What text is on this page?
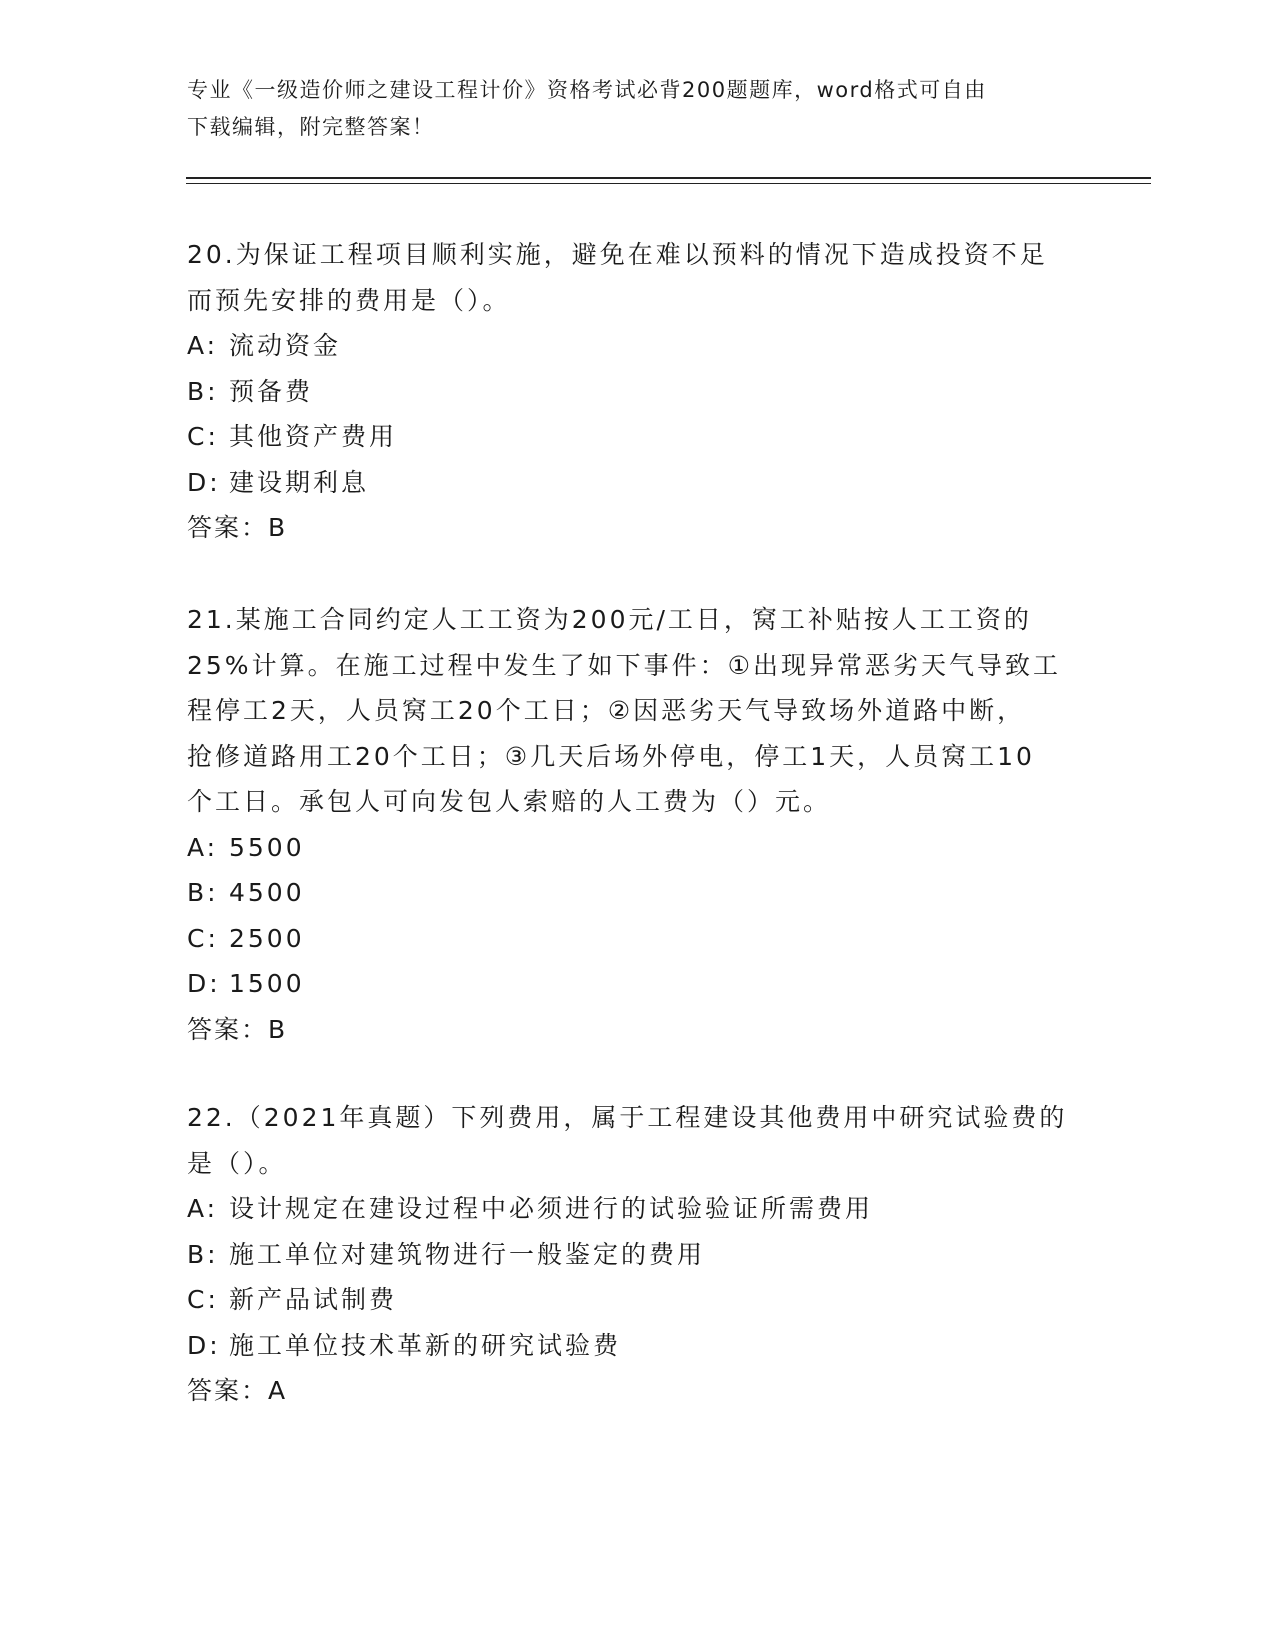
专业《一级造价师之建设工程计价》资格考试必背200题题库，word格式可自由
下载编辑，附完整答案！

20.为保证工程项目顺利实施，避免在难以预料的情况下造成投资不足

而预先安排的费用是（）。

A: 流动资金

B: 预备费

C: 其他资产费用

D: 建设期利息

答案：B

21.某施工合同约定人工工资为200元/工日，窝工补贴按人工工资的

25%计算。在施工过程中发生了如下事件：①出现异常恶劣天气导致工

程停工2天，人员窝工20个工日；②因恶劣天气导致场外道路中断，

抢修道路用工20个工日；③几天后场外停电，停工1天，人员窝工10

个工日。承包人可向发包人索赔的人工费为（）元。

A: 5500

B: 4500

C: 2500

D: 1500

答案：B

22.（2021年真题）下列费用，属于工程建设其他费用中研究试验费的

是（）。

A: 设计规定在建设过程中必须进行的试验验证所需费用

B: 施工单位对建筑物进行一般鉴定的费用

C: 新产品试制费

D: 施工单位技术革新的研究试验费

答案：A
